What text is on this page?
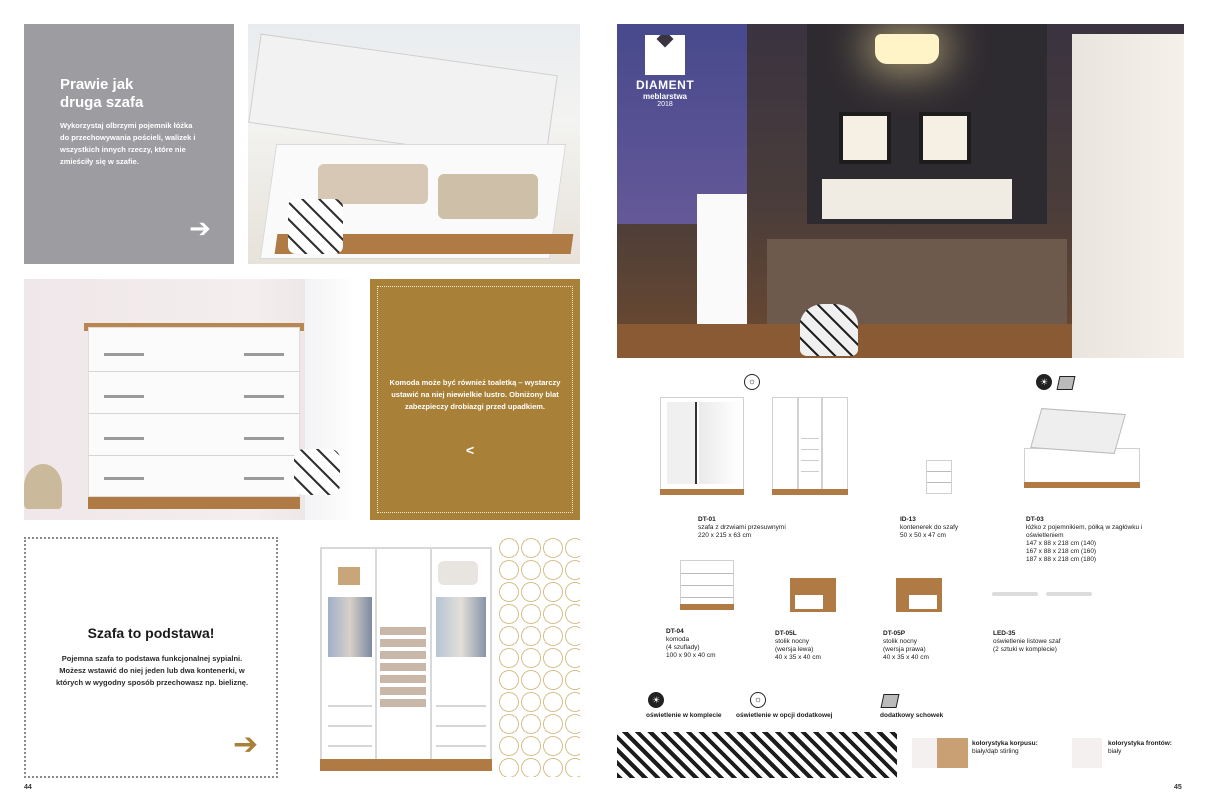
Prawie jak
druga szafa

Wykorzystaj olbrzymi pojemnik łóżka do przechowywania pościeli, walizek i wszystkich innych rzeczy, które nie zmieściły się w szafie.

➔

Komoda może być również toaletką – wystarczy ustawić na niej niewielkie lustro. Obniżony blat zabezpieczy drobiazgi przed upadkiem.

<
Szafa to podstawa!

Pojemna szafa to podstawa funkcjonalnej sypialni. Możesz wstawić do niej jeden lub dwa kontenerki, w których w wygodny sposób przechowasz np. bieliznę.

➔
44
DIAMENT
meblarstwa
2018
☼	☀
DT-01
szafa z drzwiami przesuwnymi
220 x 215 x 63 cm
ID-13
kontenerek do szafy
50 x 50 x 47 cm
DT-03
łóżko z pojemnikiem, półką w zagłówku i oświetleniem
147 x 88 x 218 cm (140)
167 x 88 x 218 cm (160)
187 x 88 x 218 cm (180)
DT-04
komoda
(4 szuflady)
100 x 90 x 40 cm
DT-05L
stolik nocny
(wersja lewa)
40 x 35 x 40 cm
DT-05P
stolik nocny
(wersja prawa)
40 x 35 x 40 cm
LED-35
oświetlenie listowe szaf
(2 sztuki w komplecie)
☀
oświetlenie w komplecie
☼
oświetlenie w opcji dodatkowej	dodatkowy schowek
kolorystyka korpusu:
biały/dąb stirling
kolorystyka frontów:
biały
45
